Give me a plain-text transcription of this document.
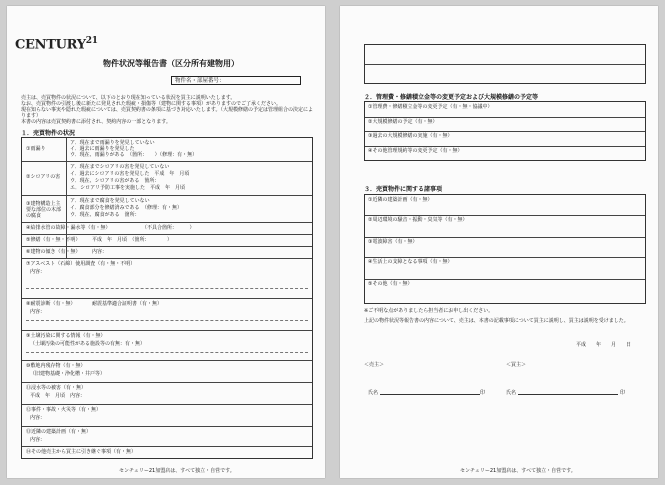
CENTURY$^{21}$
物件状況等報告書（区分所有建物用）
物件名・部屋番号：
売主は、売買物件の状況について、以下のとおり現在知っている状況を買主に説明いたします。
なお、売買物件の引渡し後に新たに発見された瑕疵・損傷等（建物に関する事項）がありますのでご了承ください。
現在知らない事実や隠れた瑕疵については、売買契約書の条項に基づき対応いたします。（大規模修繕の予定は管理組合の決定によります）
本書の内容は売買契約書に添付され、契約内容の一部となります。
１．売買物件の状況
①雨漏り
ア．現在まで雨漏りを発見していない
イ．過去に雨漏りを発見した
ウ．現在、雨漏りがある　（箇所：　　）（修理：有・無）
②シロアリの害
ア．現在までシロアリの害を発見していない
イ．過去にシロアリの害を発見した　平成　年　月頃
ウ．現在、シロアリの害がある　箇所：
エ．シロアリ予防工事を実施した　平成　年　月頃
③建物構造上主要な部位の木部の腐食
ア．現在まで腐食を発見していない
イ．腐食部分を修繕済みである　（修理：有・無）
ウ．現在、腐食がある　箇所：
④給排水管の故障・漏水等（有・無）	（不具合箇所：　　　）
⑤修繕（有・無・不明） 平成　年　月頃　（箇所：　　　　）
⑥建物の傾き（有・無） 内容：
⑦アスベスト（石綿）使用調査（有・無・不明）
内容：
⑧耐震診断（有・無）	耐震基準適合証明書（有・無）
内容：
⑨土壌汚染に関する情報（有・無）
（土壌汚染の可能性がある施設等の有無：有・無）
⑩敷地内残存物（有・無）
（旧建物基礎・浄化槽・井戸等）
⑪浸水等の被害（有・無）
平成　年　月頃　内容：
⑫事件・事故・火災等（有・無）
内容：
⑬近隣の建築計画（有・無）
内容：
⑭その他売主から買主に引き継ぐ事項（有・無）
センチュリー21加盟店は、すべて独立・自営です。
２．管理費・修繕積立金等の変更予定および大規模修繕の予定等
①管理費・修繕積立金等の変更予定（有・無・協議中）
②大規模修繕の予定（有・無）
③過去の大規模修繕の実施（有・無）
④その他管理規約等の変更予定（有・無）
３．売買物件に関する諸事項
①近隣の建築計画（有・無）
②周辺環境の騒音・振動・臭気等（有・無）
③電波障害（有・無）
④生活上の支障となる事項（有・無）
⑤その他（有・無）
※ご不明な点がありましたら担当者にお申し出ください。
上記の物件状況等報告書の内容について、売主は、本書の記載事項について買主に説明し、買主は説明を受けました。
平成　　年　　月　　日
＜売主＞	＜買主＞
氏名	印	氏名	印
センチュリー21加盟店は、すべて独立・自営です。
